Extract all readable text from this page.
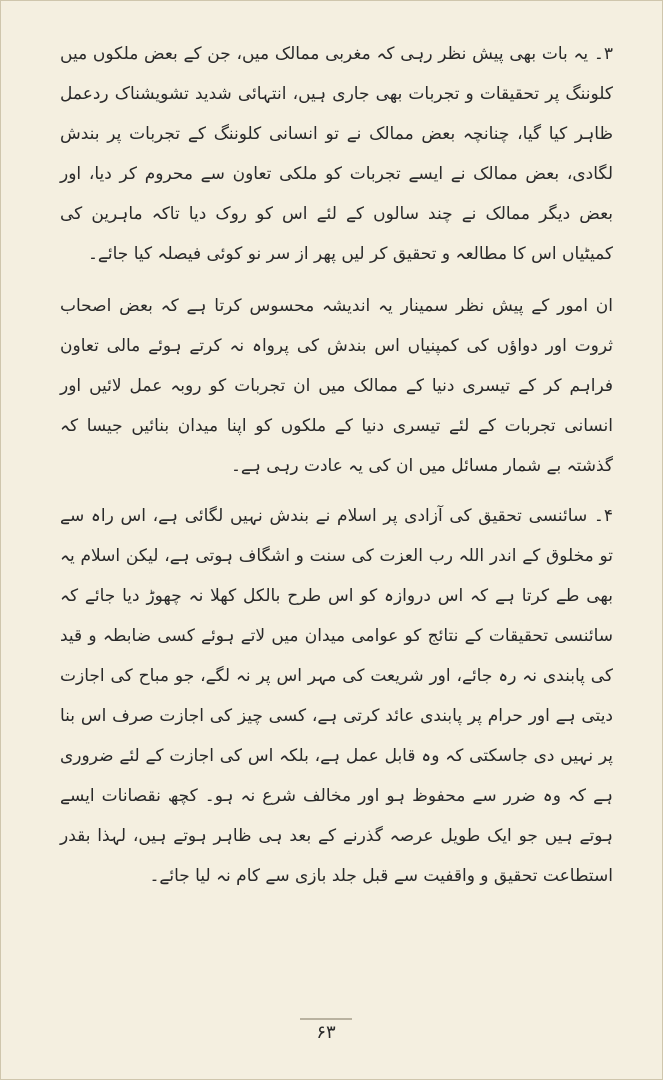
۳۔ یہ بات بھی پیش نظر رہی کہ مغربی ممالک میں، جن کے بعض ملکوں میں کلوننگ پر تحقیقات و تجربات بھی جاری ہیں، انتہائی شدید تشویشناک ردعمل ظاہر کیا گیا، چنانچہ بعض ممالک نے تو انسانی کلوننگ کے تجربات پر بندش لگادی، بعض ممالک نے ایسے تجربات کو ملکی تعاون سے محروم کر دیا، اور بعض دیگر ممالک نے چند سالوں کے لئے اس کو روک دیا تاکہ ماہرین کی کمیٹیاں اس کا مطالعہ و تحقیق کر لیں پھر از سر نو کوئی فیصلہ کیا جائے۔

ان امور کے پیش نظر سمینار یہ اندیشہ محسوس کرتا ہے کہ بعض اصحاب ثروت اور دواؤں کی کمپنیاں اس بندش کی پرواہ نہ کرتے ہوئے مالی تعاون فراہم کر کے تیسری دنیا کے ممالک میں ان تجربات کو روبہ عمل لائیں اور انسانی تجربات کے لئے تیسری دنیا کے ملکوں کو اپنا میدان بنائیں جیسا کہ گذشتہ بے شمار مسائل میں ان کی یہ عادت رہی ہے۔

۴۔ سائنسی تحقیق کی آزادی پر اسلام نے بندش نہیں لگائی ہے، اس راہ سے تو مخلوق کے اندر اللہ رب العزت کی سنت و اشگاف ہوتی ہے، لیکن اسلام یہ بھی طے کرتا ہے کہ اس دروازہ کو اس طرح بالکل کھلا نہ چھوڑ دیا جائے کہ سائنسی تحقیقات کے نتائج کو عوامی میدان میں لاتے ہوئے کسی ضابطہ و قید کی پابندی نہ رہ جائے، اور شریعت کی مہر اس پر نہ لگے، جو مباح کی اجازت دیتی ہے اور حرام پر پابندی عائد کرتی ہے، کسی چیز کی اجازت صرف اس بنا پر نہیں دی جاسکتی کہ وہ قابل عمل ہے، بلکہ اس کی اجازت کے لئے ضروری ہے کہ وہ ضرر سے محفوظ ہو اور مخالف شرع نہ ہو۔ کچھ نقصانات ایسے ہوتے ہیں جو ایک طویل عرصہ گذرنے کے بعد ہی ظاہر ہوتے ہیں، لہذا بقدر استطاعت تحقیق و واقفیت سے قبل جلد بازی سے کام نہ لیا جائے۔

۶۳
